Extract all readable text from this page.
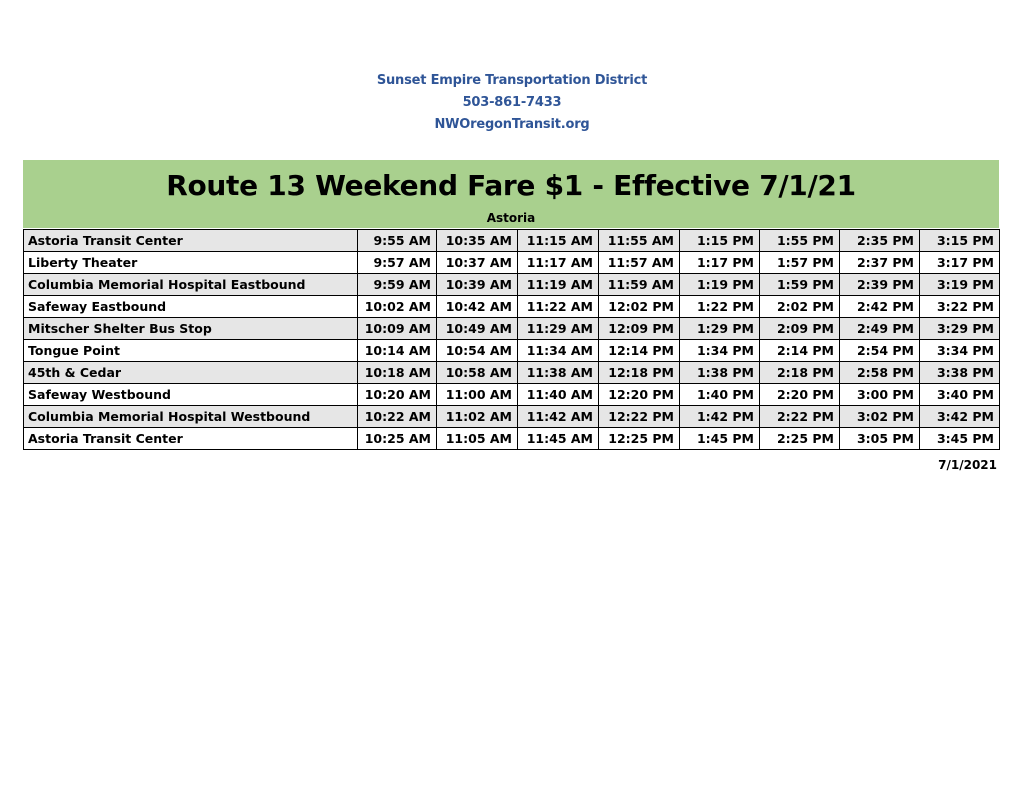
Sunset Empire Transportation District
503-861-7433
NWOregonTransit.org
Route 13 Weekend Fare $1 - Effective 7/1/21
Astoria
Astoria Transit Center	9:55 AM	10:35 AM	11:15 AM	11:55 AM	1:15 PM	1:55 PM	2:35 PM	3:15 PM
Liberty Theater	9:57 AM	10:37 AM	11:17 AM	11:57 AM	1:17 PM	1:57 PM	2:37 PM	3:17 PM
Columbia Memorial Hospital Eastbound	9:59 AM	10:39 AM	11:19 AM	11:59 AM	1:19 PM	1:59 PM	2:39 PM	3:19 PM
Safeway Eastbound	10:02 AM	10:42 AM	11:22 AM	12:02 PM	1:22 PM	2:02 PM	2:42 PM	3:22 PM
Mitscher Shelter Bus Stop	10:09 AM	10:49 AM	11:29 AM	12:09 PM	1:29 PM	2:09 PM	2:49 PM	3:29 PM
Tongue Point	10:14 AM	10:54 AM	11:34 AM	12:14 PM	1:34 PM	2:14 PM	2:54 PM	3:34 PM
45th & Cedar	10:18 AM	10:58 AM	11:38 AM	12:18 PM	1:38 PM	2:18 PM	2:58 PM	3:38 PM
Safeway Westbound	10:20 AM	11:00 AM	11:40 AM	12:20 PM	1:40 PM	2:20 PM	3:00 PM	3:40 PM
Columbia Memorial Hospital Westbound	10:22 AM	11:02 AM	11:42 AM	12:22 PM	1:42 PM	2:22 PM	3:02 PM	3:42 PM
Astoria Transit Center	10:25 AM	11:05 AM	11:45 AM	12:25 PM	1:45 PM	2:25 PM	3:05 PM	3:45 PM
7/1/2021
